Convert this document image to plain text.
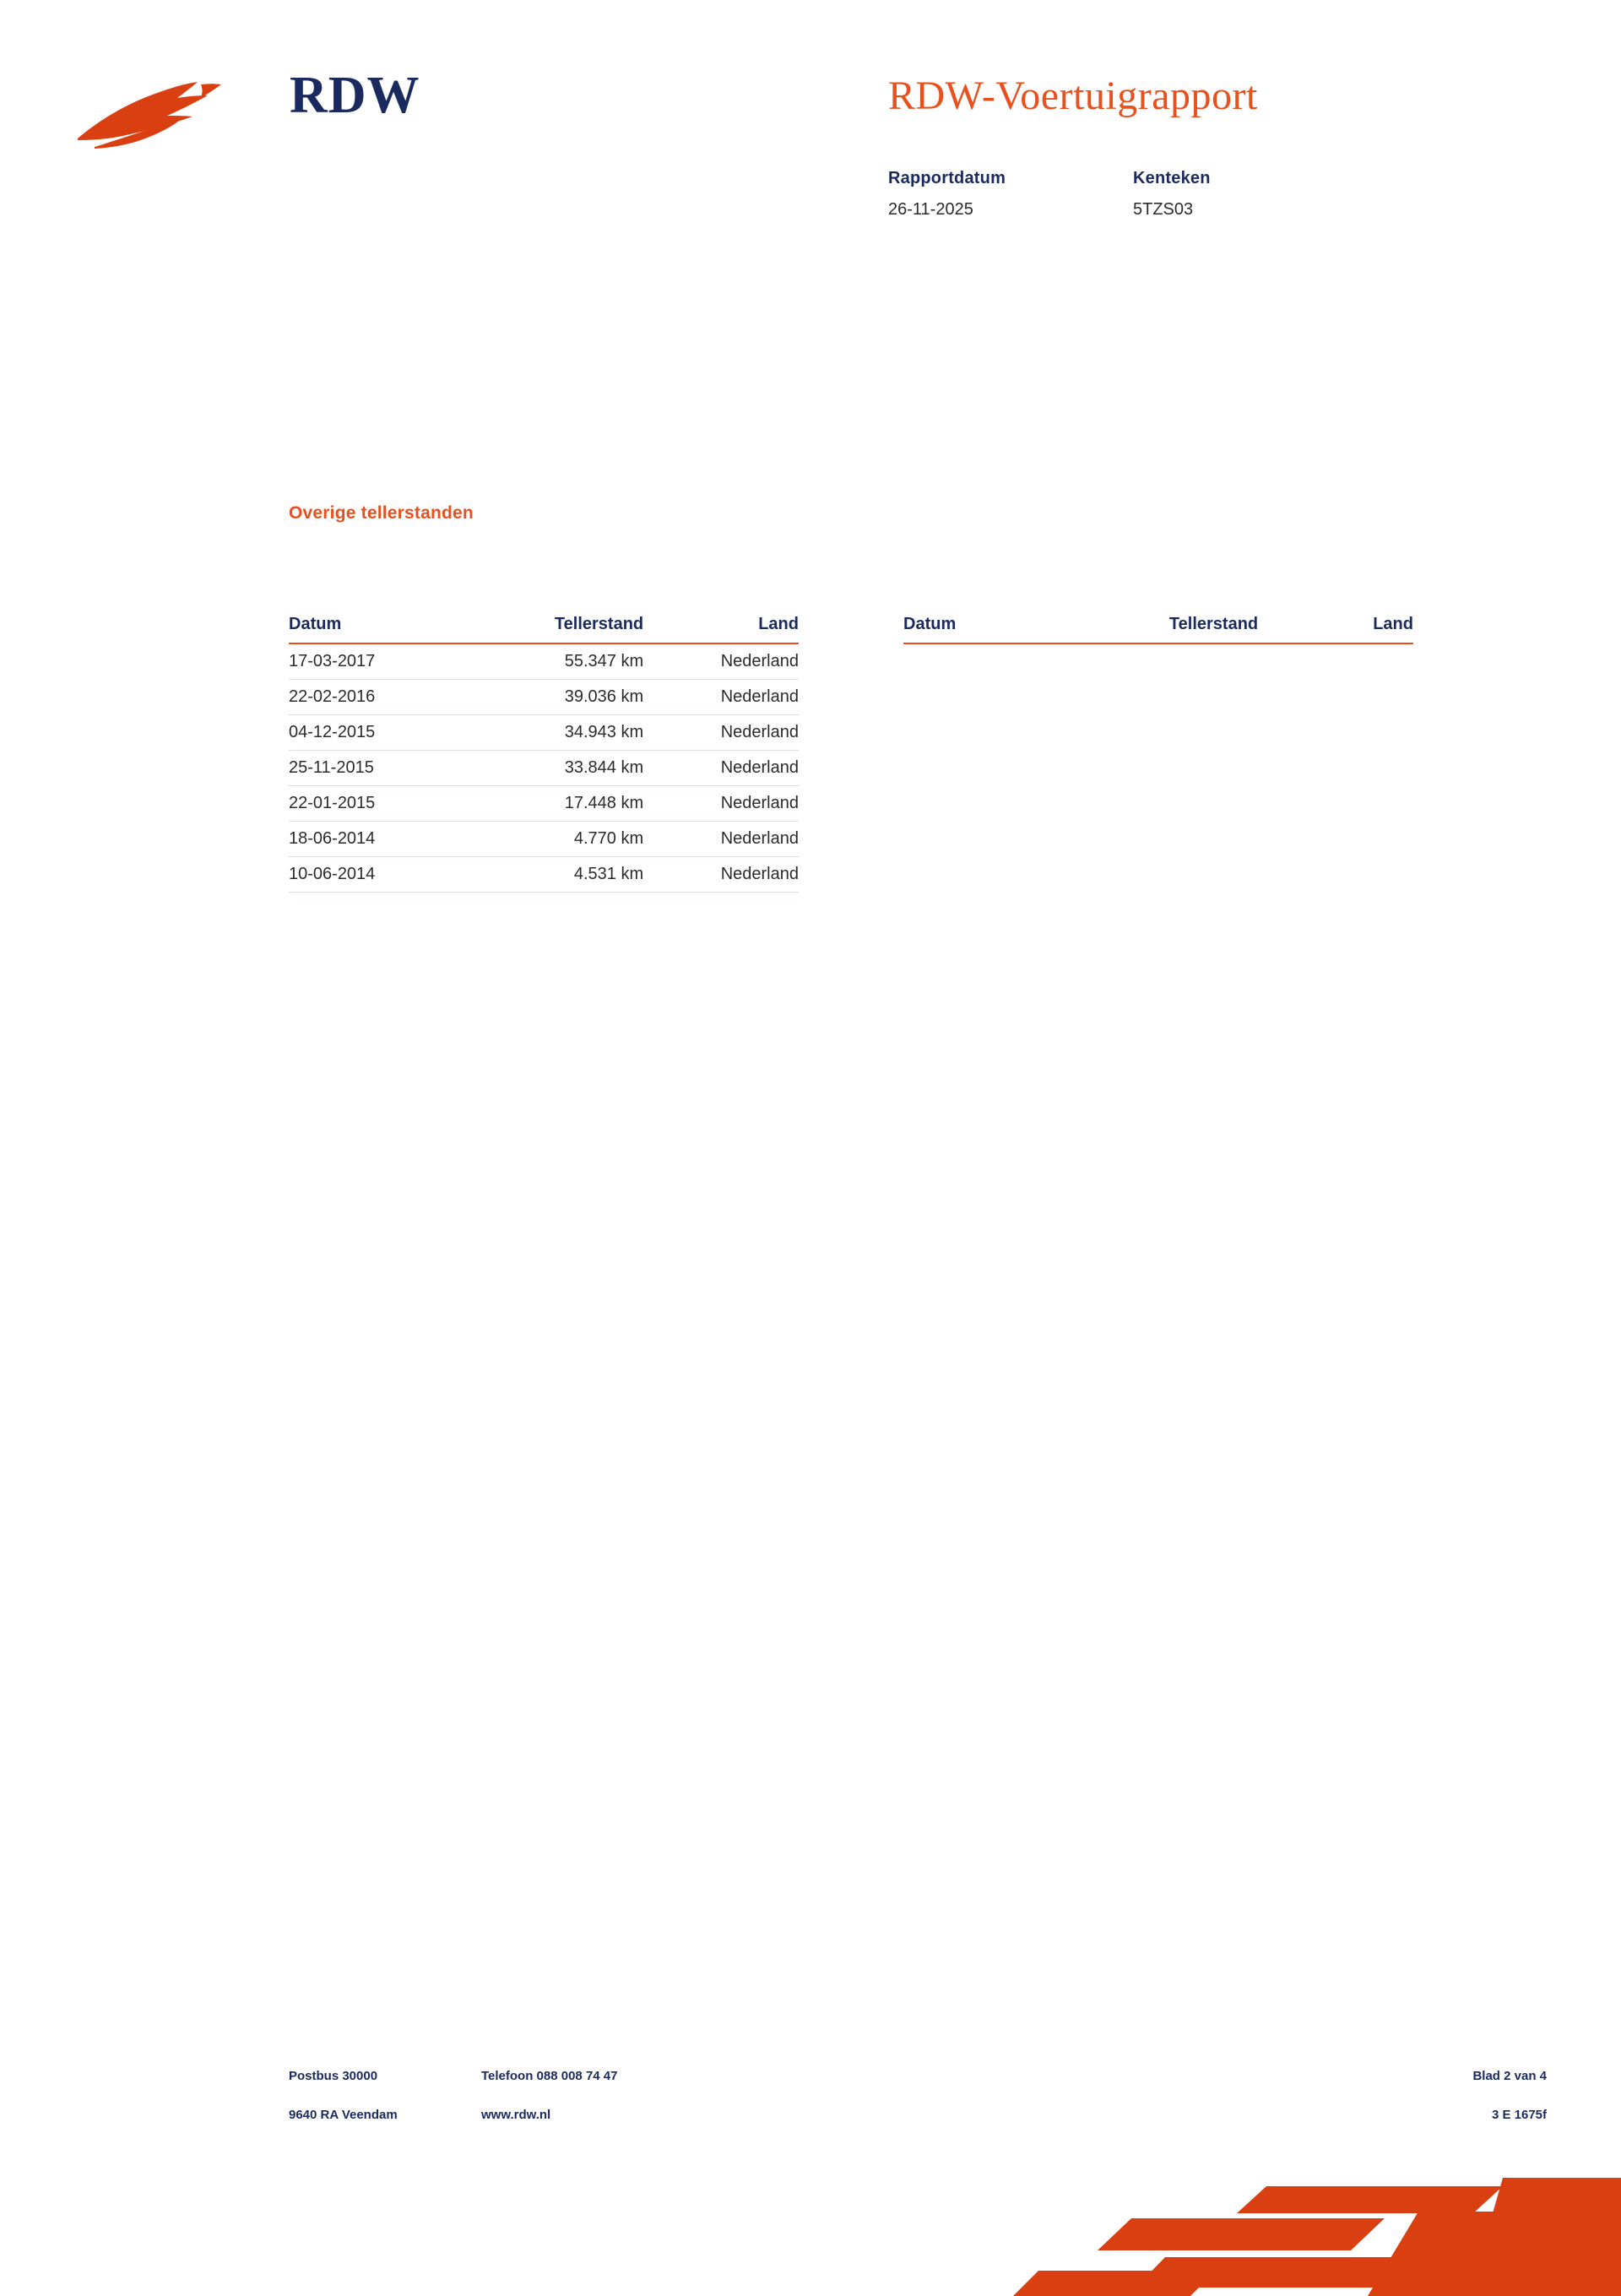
RDW	RDW-Voertuigrapport
Rapportdatum
26-11-2025
Kenteken
5TZS03
Overige tellerstanden
Datum	Tellerstand	Land
17-03-2017	55.347 km	Nederland
22-02-2016	39.036 km	Nederland
04-12-2015	34.943 km	Nederland
25-11-2015	33.844 km	Nederland
22-01-2015	17.448 km	Nederland
18-06-2014	4.770 km	Nederland
10-06-2014	4.531 km	Nederland
Datum	Tellerstand	Land
Postbus 30000	Telefoon 088 008 74 47	Blad 2 van 4
9640 RA Veendam	www.rdw.nl	3 E 1675f
